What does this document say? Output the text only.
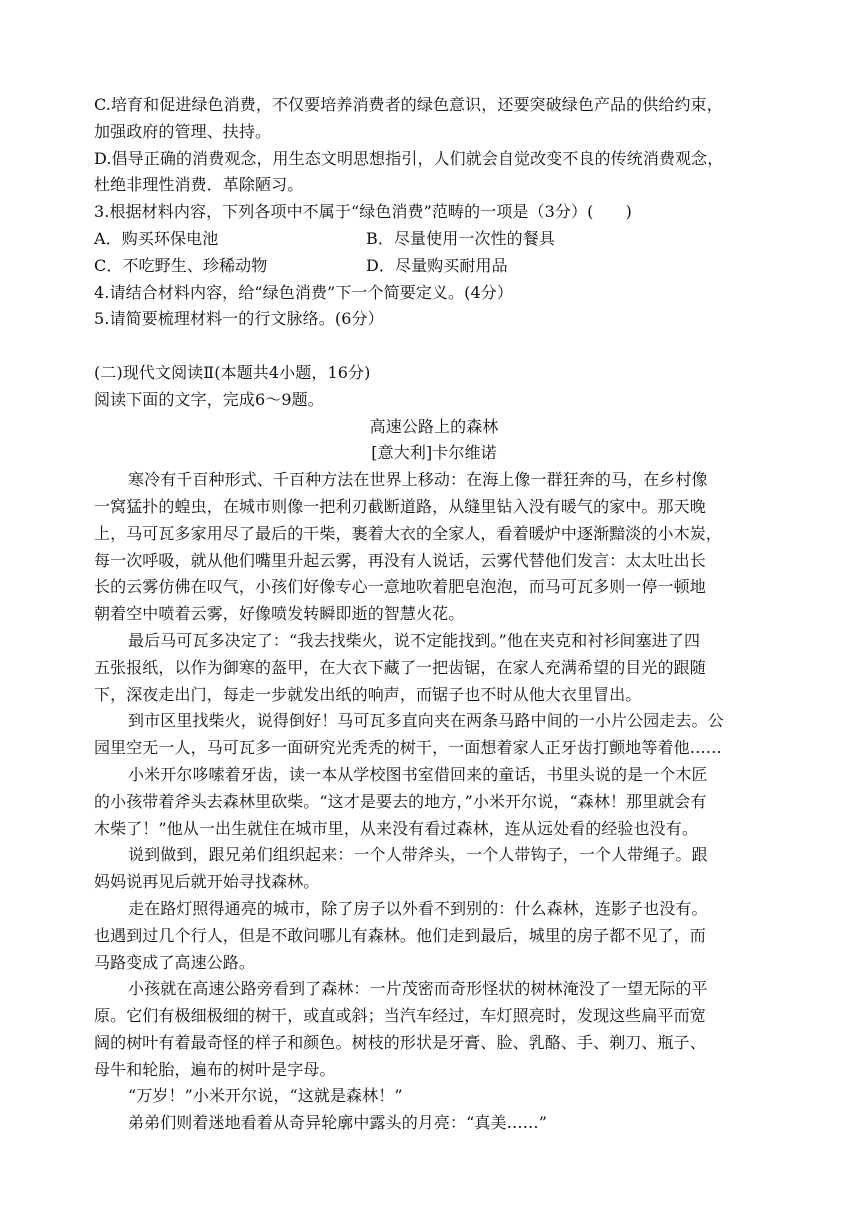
C.培育和促进绿色消费，不仅要培养消费者的绿色意识，还要突破绿色产品的供给约束，
加强政府的管理、扶持。
D.倡导正确的消费观念，用生态文明思想指引，人们就会自觉改变不良的传统消费观念，
杜绝非理性消费．革除陋习。
3.根据材料内容，下列各项中不属于“绿色消费”范畴的一项是（3分）(　　)
A．购买环保电池	B．尽量使用一次性的餐具
C．不吃野生、珍稀动物	D．尽量购买耐用品
4.请结合材料内容，给“绿色消费”下一个简要定义。(4分）
5.请简要梳理材料一的行文脉络。(6分）
(二)现代文阅读Ⅱ(本题共4小题，16分)
阅读下面的文字，完成6～9题。
高速公路上的森林
[意大利]卡尔维诺
寒冷有千百种形式、千百种方法在世界上移动：在海上像一群狂奔的马，在乡村像
一窝猛扑的蝗虫，在城市则像一把利刃截断道路，从缝里钻入没有暖气的家中。那天晚
上，马可瓦多家用尽了最后的干柴，裹着大衣的全家人，看着暖炉中逐渐黯淡的小木炭，
每一次呼吸，就从他们嘴里升起云雾，再没有人说话，云雾代替他们发言：太太吐出长
长的云雾仿佛在叹气，小孩们好像专心一意地吹着肥皂泡泡，而马可瓦多则一停一顿地
朝着空中喷着云雾，好像喷发转瞬即逝的智慧火花。
最后马可瓦多决定了：“我去找柴火，说不定能找到。”他在夹克和衬衫间塞进了四
五张报纸，以作为御寒的盔甲，在大衣下藏了一把齿锯，在家人充满希望的目光的跟随
下，深夜走出门，每走一步就发出纸的响声，而锯子也不时从他大衣里冒出。
到市区里找柴火，说得倒好！马可瓦多直向夹在两条马路中间的一小片公园走去。公
园里空无一人，马可瓦多一面研究光秃秃的树干，一面想着家人正牙齿打颤地等着他……
小米开尔哆嗦着牙齿，读一本从学校图书室借回来的童话，书里头说的是一个木匠
的小孩带着斧头去森林里砍柴。“这才是要去的地方，”小米开尔说，“森林！那里就会有
木柴了！”他从一出生就住在城市里，从来没有看过森林，连从远处看的经验也没有。
说到做到，跟兄弟们组织起来：一个人带斧头，一个人带钩子，一个人带绳子。跟
妈妈说再见后就开始寻找森林。
走在路灯照得通亮的城市，除了房子以外看不到别的：什么森林，连影子也没有。
也遇到过几个行人，但是不敢问哪儿有森林。他们走到最后，城里的房子都不见了，而
马路变成了高速公路。
小孩就在高速公路旁看到了森林：一片茂密而奇形怪状的树林淹没了一望无际的平
原。它们有极细极细的树干，或直或斜；当汽车经过，车灯照亮时，发现这些扁平而宽
阔的树叶有着最奇怪的样子和颜色。树枝的形状是牙膏、脸、乳酪、手、剃刀、瓶子、
母牛和轮胎，遍布的树叶是字母。
“万岁！”小米开尔说，“这就是森林！”
弟弟们则着迷地看着从奇异轮廓中露头的月亮：“真美……”
